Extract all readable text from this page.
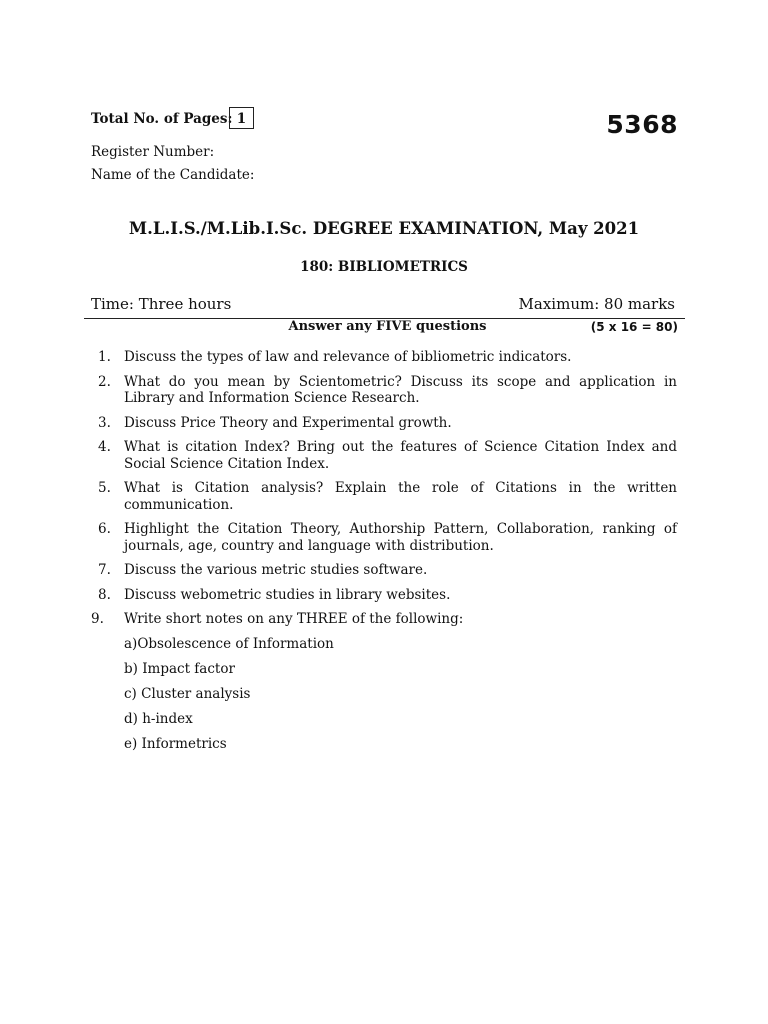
Total No. of Pages: 1	5368
Register Number:
Name of the Candidate:
M.L.I.S./M.Lib.I.Sc. DEGREE EXAMINATION, May 2021
180: BIBLIOMETRICS
Time: Three hours	Maximum: 80 marks
Answer any FIVE questions	(5 x 16 = 80)
1. Discuss the types of law and relevance of bibliometric indicators.
2. What do you mean by Scientometric? Discuss its scope and application in Library and Information Science Research.
3. Discuss Price Theory and Experimental growth.
4. What is citation Index? Bring out the features of Science Citation Index and Social Science Citation Index.
5. What is Citation analysis? Explain the role of Citations in the written communication.
6. Highlight the Citation Theory, Authorship Pattern, Collaboration, ranking of journals, age, country and language with distribution.
7. Discuss the various metric studies software.
8. Discuss webometric studies in library websites.
9.	Write short notes on any THREE of the following:
a)Obsolescence of Information
b) Impact factor
c) Cluster analysis
d) h-index
e) Informetrics
